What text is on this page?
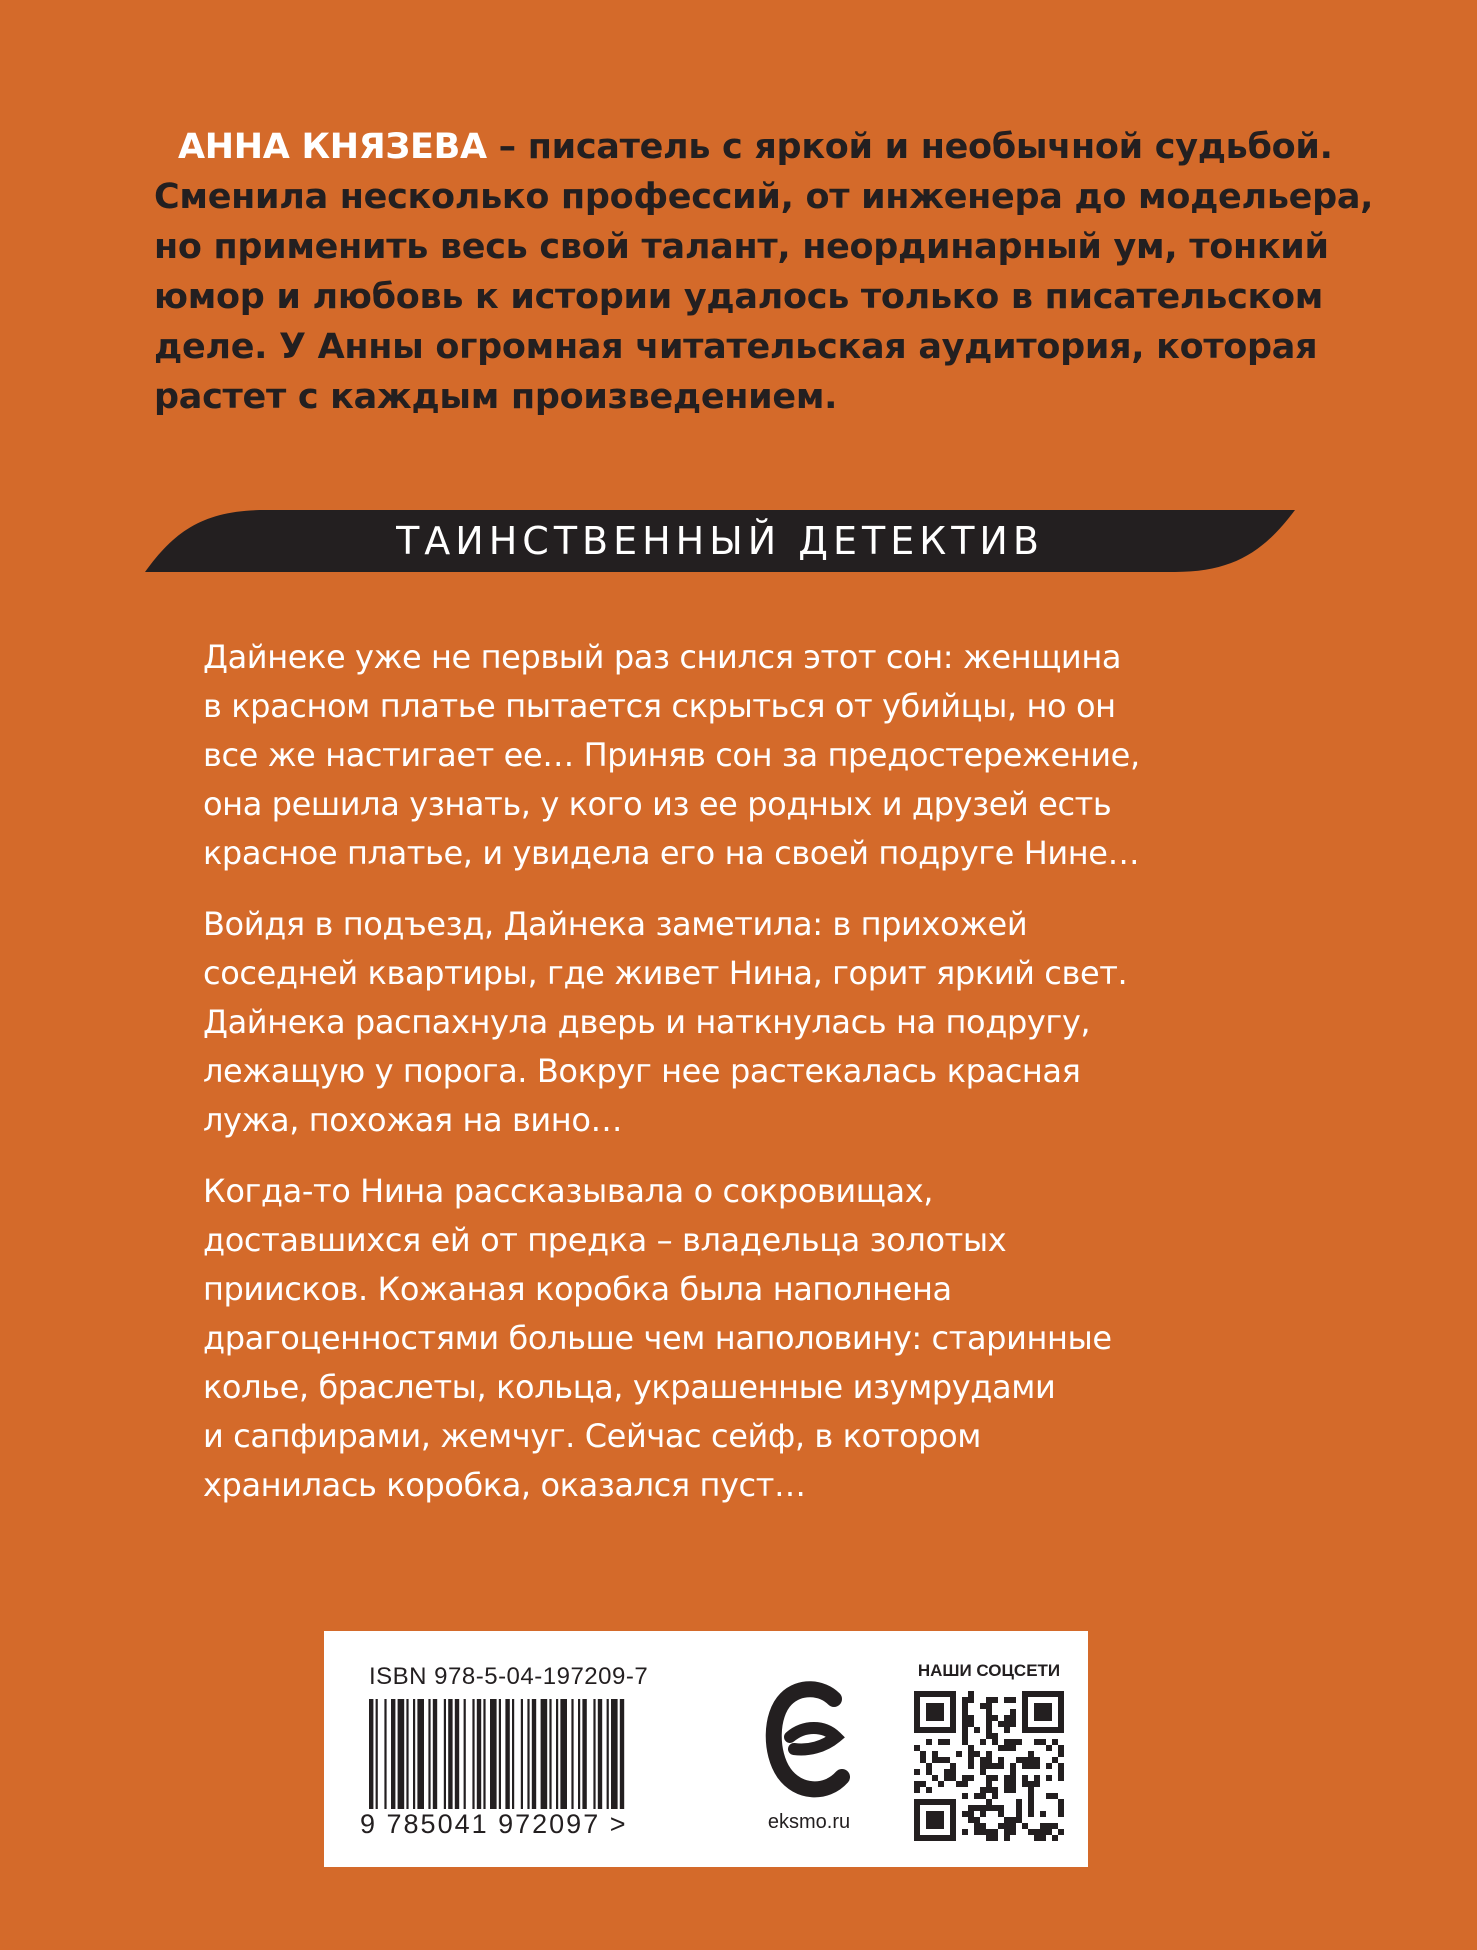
АННА КНЯЗЕВА – писатель с яркой и необычной судьбой.
Сменила несколько профессий, от инженера до модельера,
но применить весь свой талант, неординарный ум, тонкий
юмор и любовь к истории удалось только в писательском
деле. У Анны огромная читательская аудитория, которая
растет с каждым произведением.
ТАИНСТВЕННЫЙ ДЕТЕКТИВ
Дайнеке уже не первый раз снился этот сон: женщина
в красном платье пытается скрыться от убийцы, но он
все же настигает ее… Приняв сон за предостережение,
она решила узнать, у кого из ее родных и друзей есть
красное платье, и увидела его на своей подруге Нине…
Войдя в подъезд, Дайнека заметила: в прихожей
соседней квартиры, где живет Нина, горит яркий свет.
Дайнека распахнула дверь и наткнулась на подругу,
лежащую у порога. Вокруг нее растекалась красная
лужа, похожая на вино…
Когда-то Нина рассказывала о сокровищах,
доставшихся ей от предка – владельца золотых
приисков. Кожаная коробка была наполнена
драгоценностями больше чем наполовину: старинные
колье, браслеты, кольца, украшенные изумрудами
и сапфирами, жемчуг. Сейчас сейф, в котором
хранилась коробка, оказался пуст…
ISBN 978-5-04-197209-7
9 785041 972097 >	eksmo.ru
НАШИ СОЦСЕТИ
